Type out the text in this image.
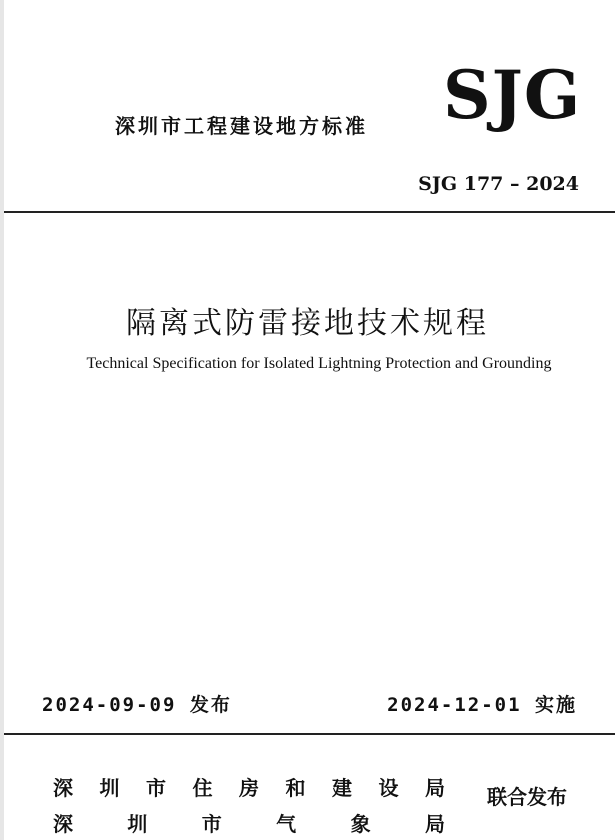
深圳市工程建设地方标准 SJG
SJG 177 – 2024
隔离式防雷接地技术规程
Technical Specification for Isolated Lightning Protection and Grounding
2024-09-09 发布	2024-12-01 实施
深 圳 市 住 房 和 建 设 局
深	圳	市	气	象	局
联合发布
